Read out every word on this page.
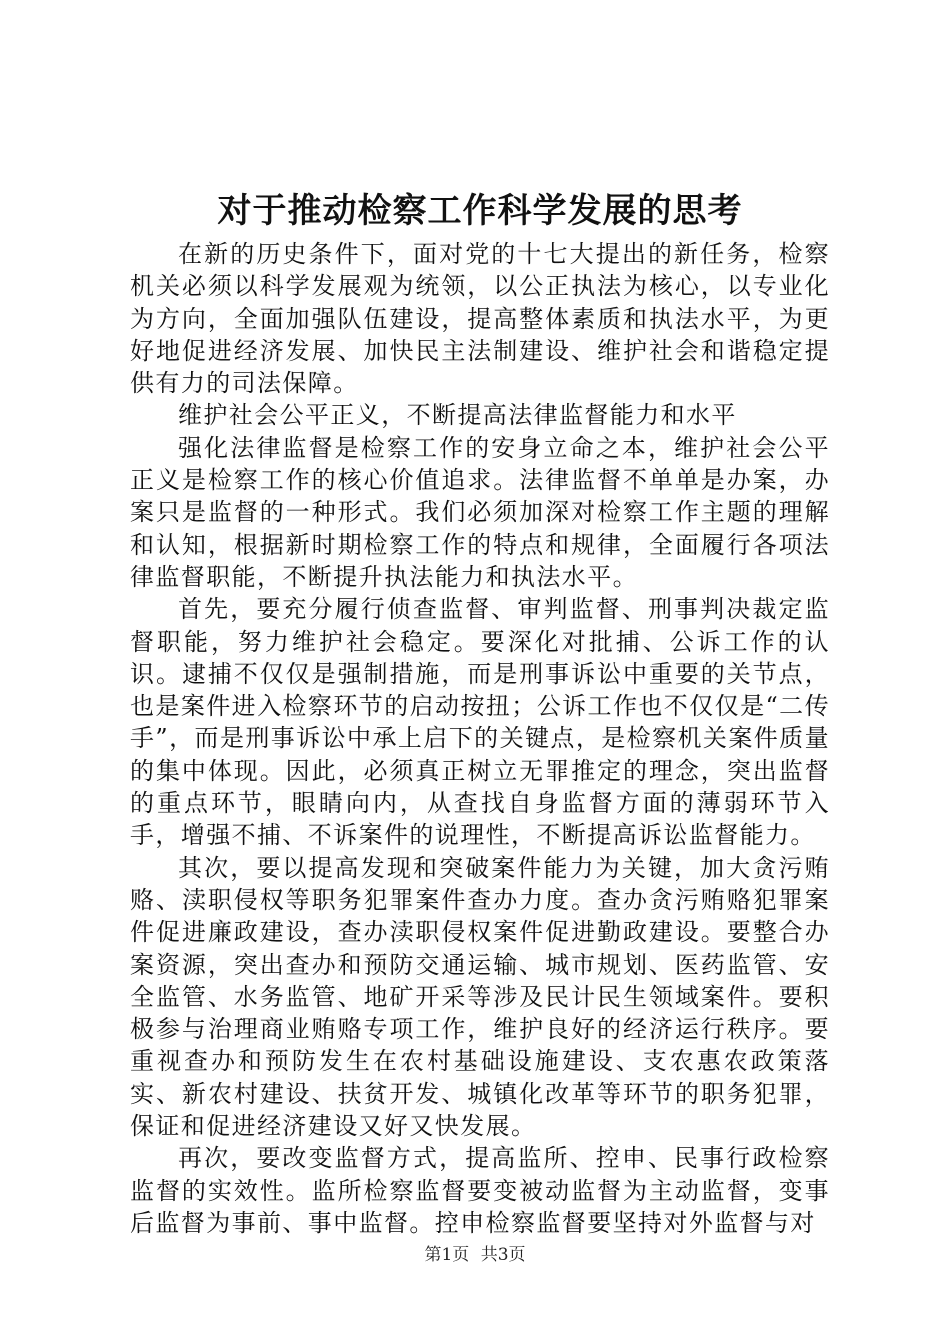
对于推动检察工作科学发展的思考

在新的历史条件下，面对党的十七大提出的新任务，检察机关必须以科学发展观为统领，以公正执法为核心，以专业化为方向，全面加强队伍建设，提高整体素质和执法水平，为更好地促进经济发展、加快民主法制建设、维护社会和谐稳定提供有力的司法保障。

维护社会公平正义，不断提高法律监督能力和水平

强化法律监督是检察工作的安身立命之本，维护社会公平正义是检察工作的核心价值追求。法律监督不单单是办案，办案只是监督的一种形式。我们必须加深对检察工作主题的理解和认知，根据新时期检察工作的特点和规律，全面履行各项法律监督职能，不断提升执法能力和执法水平。

首先，要充分履行侦查监督、审判监督、刑事判决裁定监督职能，努力维护社会稳定。要深化对批捕、公诉工作的认识。逮捕不仅仅是强制措施，而是刑事诉讼中重要的关节点，也是案件进入检察环节的启动按扭；公诉工作也不仅仅是“二传手”，而是刑事诉讼中承上启下的关键点，是检察机关案件质量的集中体现。因此，必须真正树立无罪推定的理念，突出监督的重点环节，眼睛向内，从查找自身监督方面的薄弱环节入手，增强不捕、不诉案件的说理性，不断提高诉讼监督能力。

其次，要以提高发现和突破案件能力为关键，加大贪污贿赂、渎职侵权等职务犯罪案件查办力度。查办贪污贿赂犯罪案件促进廉政建设，查办渎职侵权案件促进勤政建设。要整合办案资源，突出查办和预防交通运输、城市规划、医药监管、安全监管、水务监管、地矿开采等涉及民计民生领域案件。要积极参与治理商业贿赂专项工作，维护良好的经济运行秩序。要重视查办和预防发生在农村基础设施建设、支农惠农政策落实、新农村建设、扶贫开发、城镇化改革等环节的职务犯罪，保证和促进经济建设又好又快发展。

再次，要改变监督方式，提高监所、控申、民事行政检察监督的实效性。监所检察监督要变被动监督为主动监督，变事后监督为事前、事中监督。控申检察监督要坚持对外监督与对

第1页 共3页
